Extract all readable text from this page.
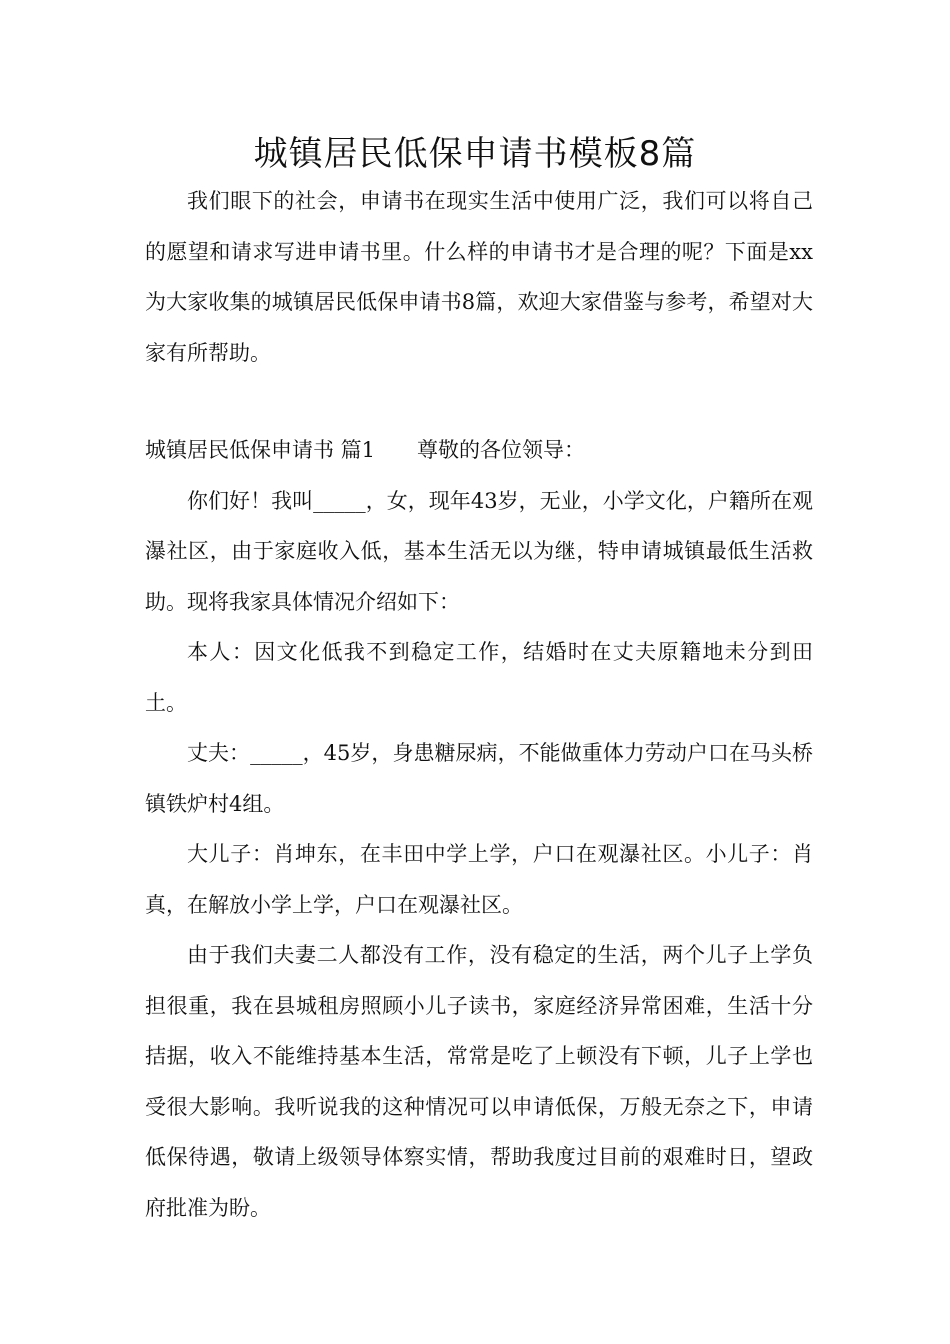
城镇居民低保申请书模板8篇

我们眼下的社会，申请书在现实生活中使用广泛，我们可以将自己的愿望和请求写进申请书里。什么样的申请书才是合理的呢？下面是xx为大家收集的城镇居民低保申请书8篇，欢迎大家借鉴与参考，希望对大家有所帮助。

城镇居民低保申请书 篇1 尊敬的各位领导：

你们好！我叫_____，女，现年43岁，无业，小学文化，户籍所在观瀑社区，由于家庭收入低，基本生活无以为继，特申请城镇最低生活救助。现将我家具体情况介绍如下：

本人：因文化低我不到稳定工作，结婚时在丈夫原籍地未分到田土。

丈夫：_____，45岁，身患糖尿病，不能做重体力劳动户口在马头桥镇铁炉村4组。

大儿子：肖坤东，在丰田中学上学，户口在观瀑社区。小儿子：肖真，在解放小学上学，户口在观瀑社区。

由于我们夫妻二人都没有工作，没有稳定的生活，两个儿子上学负担很重，我在县城租房照顾小儿子读书，家庭经济异常困难，生活十分拮据，收入不能维持基本生活，常常是吃了上顿没有下顿，儿子上学也受很大影响。我听说我的这种情况可以申请低保，万般无奈之下，申请低保待遇，敬请上级领导体察实情，帮助我度过目前的艰难时日，望政府批准为盼。
